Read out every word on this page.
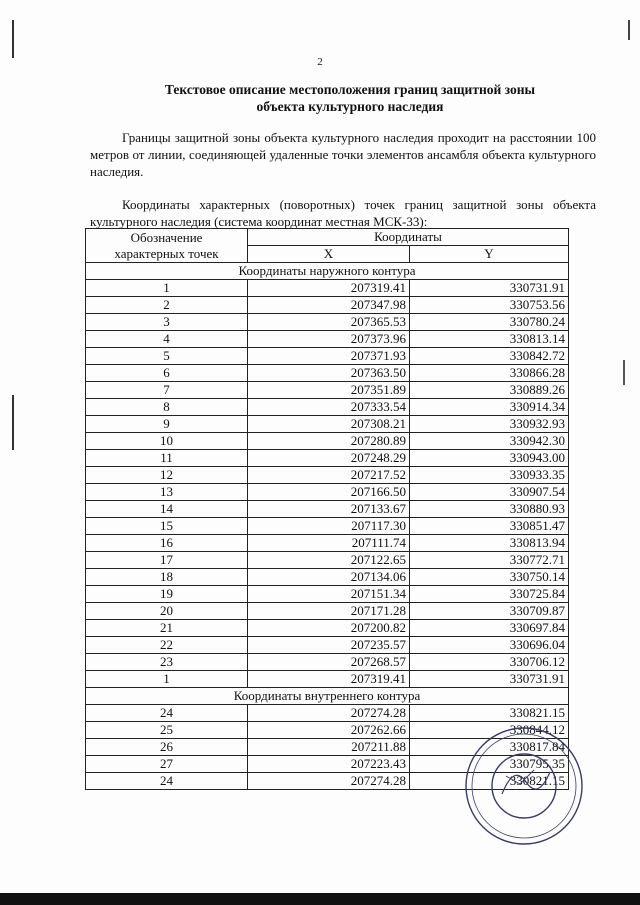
2
Текстовое описание местоположения границ защитной зоны
объекта культурного наследия
Границы защитной зоны объекта культурного наследия проходит на расстоянии 100 метров от линии, соединяющей удаленные точки элементов ансамбля объекта культурного наследия.
Координаты характерных (поворотных) точек границ защитной зоны объекта культурного наследия (система координат местная МСК-33):
Обозначение
характерных точек	Координаты	
	X	Y
Координаты наружного контура		
1	207319.41	330731.91
2	207347.98	330753.56
3	207365.53	330780.24
4	207373.96	330813.14
5	207371.93	330842.72
6	207363.50	330866.28
7	207351.89	330889.26
8	207333.54	330914.34
9	207308.21	330932.93
10	207280.89	330942.30
11	207248.29	330943.00
12	207217.52	330933.35
13	207166.50	330907.54
14	207133.67	330880.93
15	207117.30	330851.47
16	207111.74	330813.94
17	207122.65	330772.71
18	207134.06	330750.14
19	207151.34	330725.84
20	207171.28	330709.87
21	207200.82	330697.84
22	207235.57	330696.04
23	207268.57	330706.12
1	207319.41	330731.91
Координаты внутреннего контура		
24	207274.28	330821.15
25	207262.66	330844.12
26	207211.88	330817.84
27	207223.43	330795.35
24	207274.28	330821.15
